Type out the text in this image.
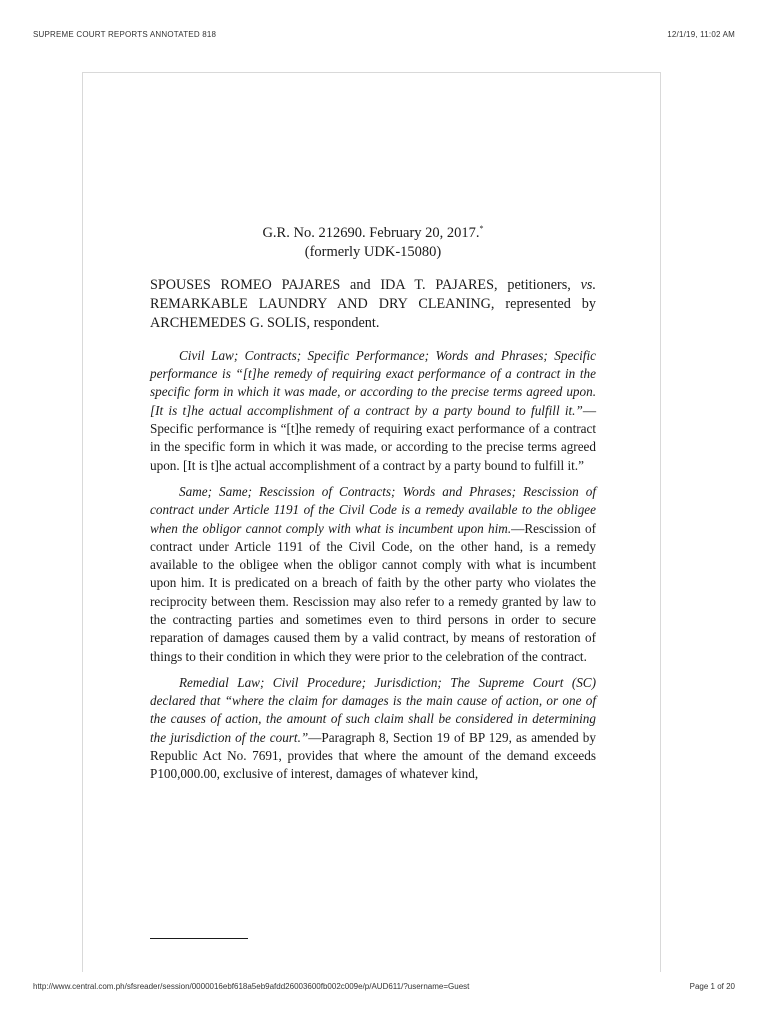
SUPREME COURT REPORTS ANNOTATED 818	12/1/19, 11:02 AM
G.R. No. 212690. February 20, 2017.*
(formerly UDK-15080)
SPOUSES ROMEO PAJARES and IDA T. PAJARES, petitioners, vs. REMARKABLE LAUNDRY AND DRY CLEANING, represented by ARCHEMEDES G. SOLIS, respondent.

Civil Law; Contracts; Specific Performance; Words and Phrases; Specific performance is “[t]he remedy of requiring exact performance of a contract in the specific form in which it was made, or according to the precise terms agreed upon. [It is t]he actual accomplishment of a contract by a party bound to fulfill it.”—Specific performance is “[t]he remedy of requiring exact performance of a contract in the specific form in which it was made, or according to the precise terms agreed upon. [It is t]he actual accomplishment of a contract by a party bound to fulfill it.”

Same; Same; Rescission of Contracts; Words and Phrases; Rescission of contract under Article 1191 of the Civil Code is a remedy available to the obligee when the obligor cannot comply with what is incumbent upon him.—Rescission of contract under Article 1191 of the Civil Code, on the other hand, is a remedy available to the obligee when the obligor cannot comply with what is incumbent upon him. It is predicated on a breach of faith by the other party who violates the reciprocity between them. Rescission may also refer to a remedy granted by law to the contracting parties and sometimes even to third persons in order to secure reparation of damages caused them by a valid contract, by means of restoration of things to their condition in which they were prior to the celebration of the contract.

Remedial Law; Civil Procedure; Jurisdiction; The Supreme Court (SC) declared that “where the claim for damages is the main cause of action, or one of the causes of action, the amount of such claim shall be considered in determining the jurisdiction of the court.”—Paragraph 8, Section 19 of BP 129, as amended by Republic Act No. 7691, provides that where the amount of the demand exceeds P100,000.00, exclusive of interest, damages of whatever kind,

http://www.central.com.ph/sfsreader/session/0000016ebf618a5eb9afdd26003600fb002c009e/p/AUD611/?username=Guest	Page 1 of 20
